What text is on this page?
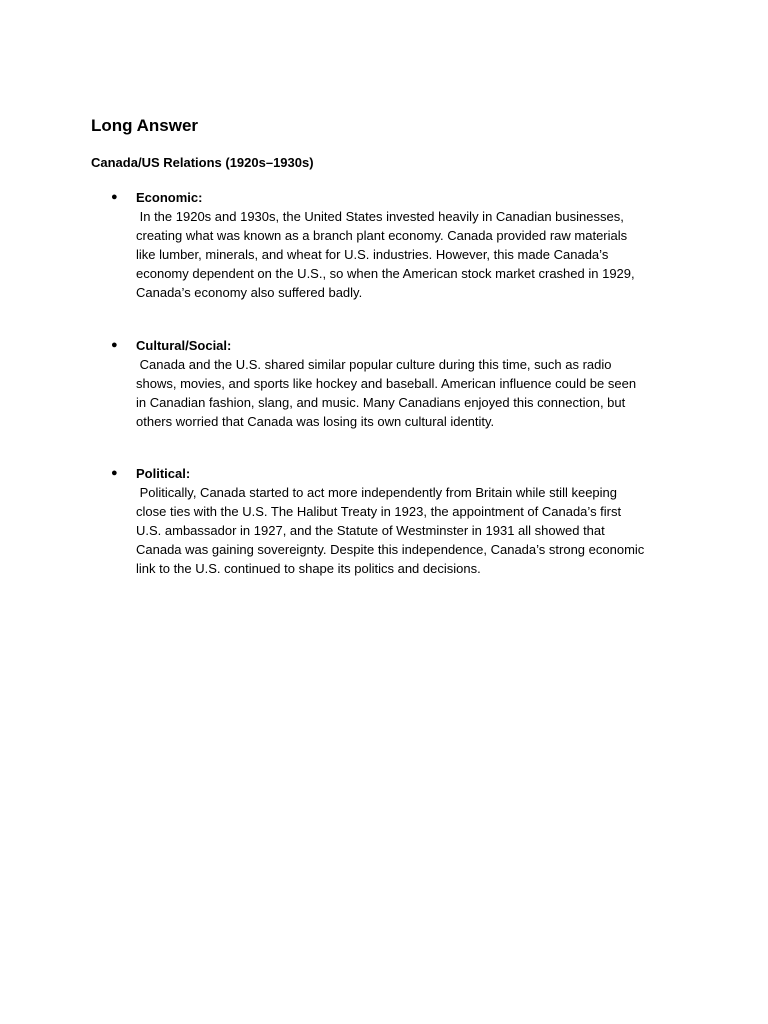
Long Answer
Canada/US Relations (1920s–1930s)
● Economic:

In the 1920s and 1930s, the United States invested heavily in Canadian businesses,
creating what was known as a branch plant economy. Canada provided raw materials
like lumber, minerals, and wheat for U.S. industries. However, this made Canada’s
economy dependent on the U.S., so when the American stock market crashed in 1929,
Canada’s economy also suffered badly.

● Cultural/Social:

Canada and the U.S. shared similar popular culture during this time, such as radio
shows, movies, and sports like hockey and baseball. American influence could be seen
in Canadian fashion, slang, and music. Many Canadians enjoyed this connection, but
others worried that Canada was losing its own cultural identity.

● Political:

Politically, Canada started to act more independently from Britain while still keeping
close ties with the U.S. The Halibut Treaty in 1923, the appointment of Canada’s first
U.S. ambassador in 1927, and the Statute of Westminster in 1931 all showed that
Canada was gaining sovereignty. Despite this independence, Canada’s strong economic
link to the U.S. continued to shape its politics and decisions.
